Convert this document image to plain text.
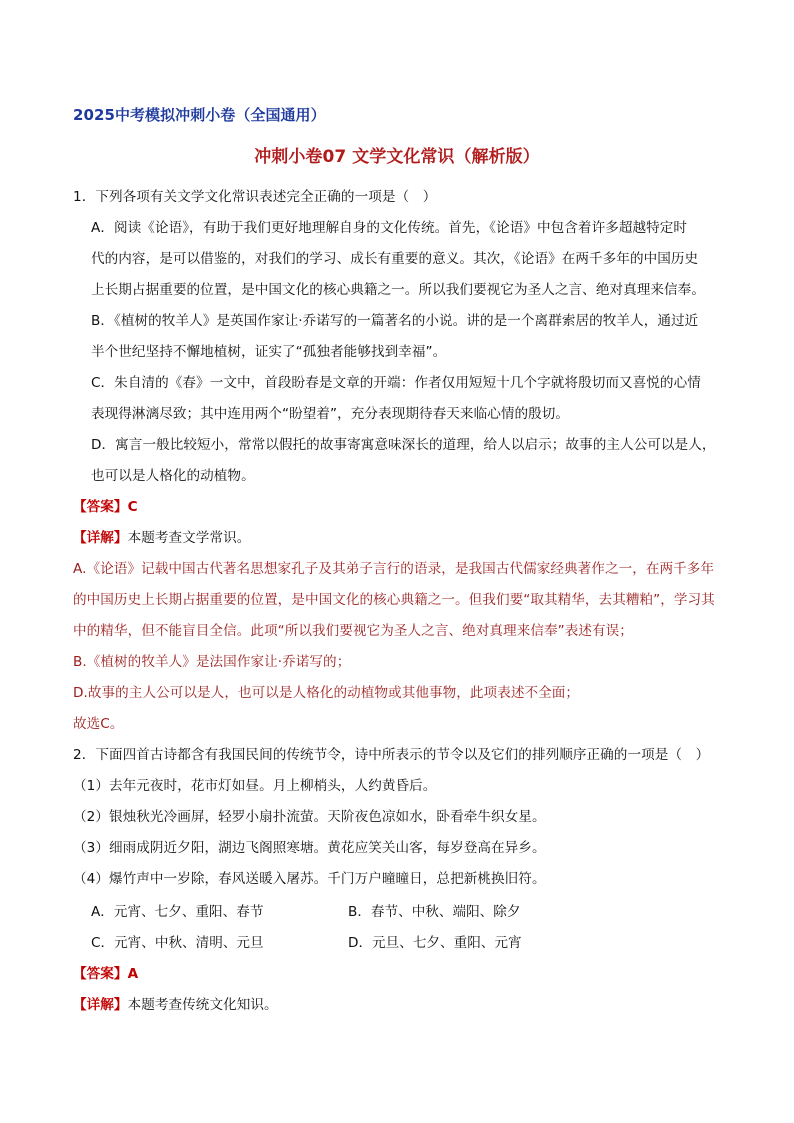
2025中考模拟冲刺小卷（全国通用）
冲刺小卷07 文学文化常识（解析版）
1．下列各项有关文学文化常识表述完全正确的一项是（　）
A．阅读《论语》，有助于我们更好地理解自身的文化传统。首先，《论语》中包含着许多超越特定时
代的内容，是可以借鉴的，对我们的学习、成长有重要的意义。其次，《论语》在两千多年的中国历史
上长期占据重要的位置，是中国文化的核心典籍之一。所以我们要视它为圣人之言、绝对真理来信奉。
B．《植树的牧羊人》是英国作家让·乔诺写的一篇著名的小说。讲的是一个离群索居的牧羊人，通过近
半个世纪坚持不懈地植树，证实了“孤独者能够找到幸福”。
C．朱自清的《春》一文中，首段盼春是文章的开端：作者仅用短短十几个字就将殷切而又喜悦的心情
表现得淋漓尽致；其中连用两个“盼望着”，充分表现期待春天来临心情的殷切。
D．寓言一般比较短小，常常以假托的故事寄寓意味深长的道理，给人以启示；故事的主人公可以是人，
也可以是人格化的动植物。
【答案】C
【详解】本题考查文学常识。
A.《论语》记载中国古代著名思想家孔子及其弟子言行的语录，是我国古代儒家经典著作之一，在两千多年
的中国历史上长期占据重要的位置，是中国文化的核心典籍之一。但我们要“取其精华，去其糟粕”，学习其
中的精华，但不能盲目全信。此项“所以我们要视它为圣人之言、绝对真理来信奉”表述有误；
B.《植树的牧羊人》是法国作家让·乔诺写的；
D.故事的主人公可以是人，也可以是人格化的动植物或其他事物，此项表述不全面；
故选C。
2．下面四首古诗都含有我国民间的传统节令，诗中所表示的节令以及它们的排列顺序正确的一项是（　）
（1）去年元夜时，花市灯如昼。月上柳梢头，人约黄昏后。
（2）银烛秋光冷画屏，轻罗小扇扑流萤。天阶夜色凉如水，卧看牵牛织女星。
（3）细雨成阴近夕阳，湖边飞阁照寒塘。黄花应笑关山客，每岁登高在异乡。
（4）爆竹声中一岁除，春风送暖入屠苏。千门万户曈曈日，总把新桃换旧符。
A．元宵、七夕、重阳、春节	B．春节、中秋、端阳、除夕
C．元宵、中秋、清明、元旦	D．元旦、七夕、重阳、元宵
【答案】A
【详解】本题考查传统文化知识。
